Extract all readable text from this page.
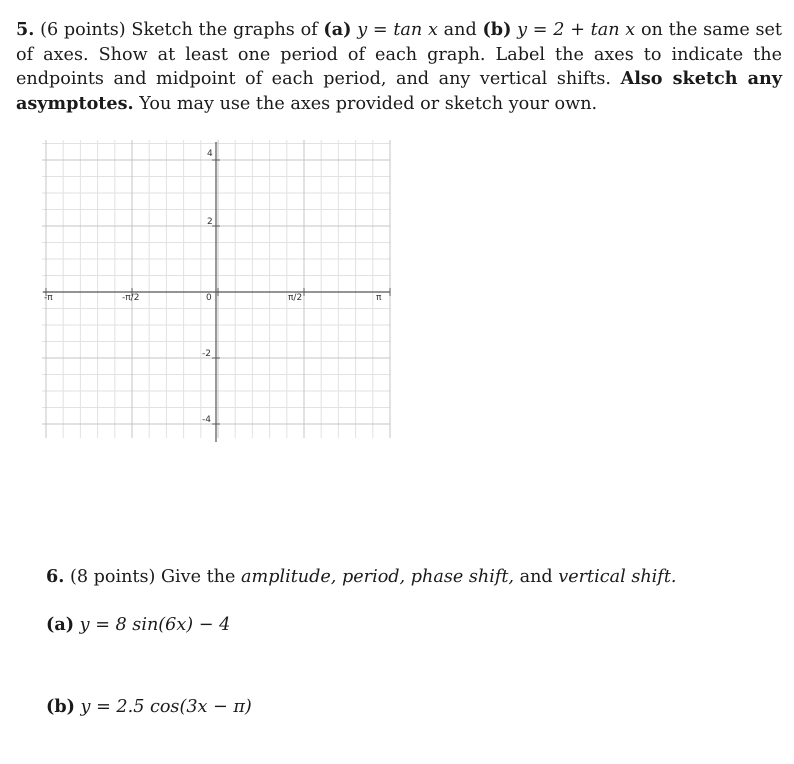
5. (6 points) Sketch the graphs of (a) y = tan x and (b) y = 2 + tan x on the same set of axes. Show at least one period of each graph. Label the axes to indicate the endpoints and midpoint of each period, and any vertical shifts. Also sketch any asymptotes. You may use the axes provided or sketch your own.

-π	-π/2	0	π/2	π
4
2
-2
-4

6. (8 points) Give the amplitude, period, phase shift, and vertical shift.

(a) y = 8 sin(6x) − 4

(b) y = 2.5 cos(3x − π)
